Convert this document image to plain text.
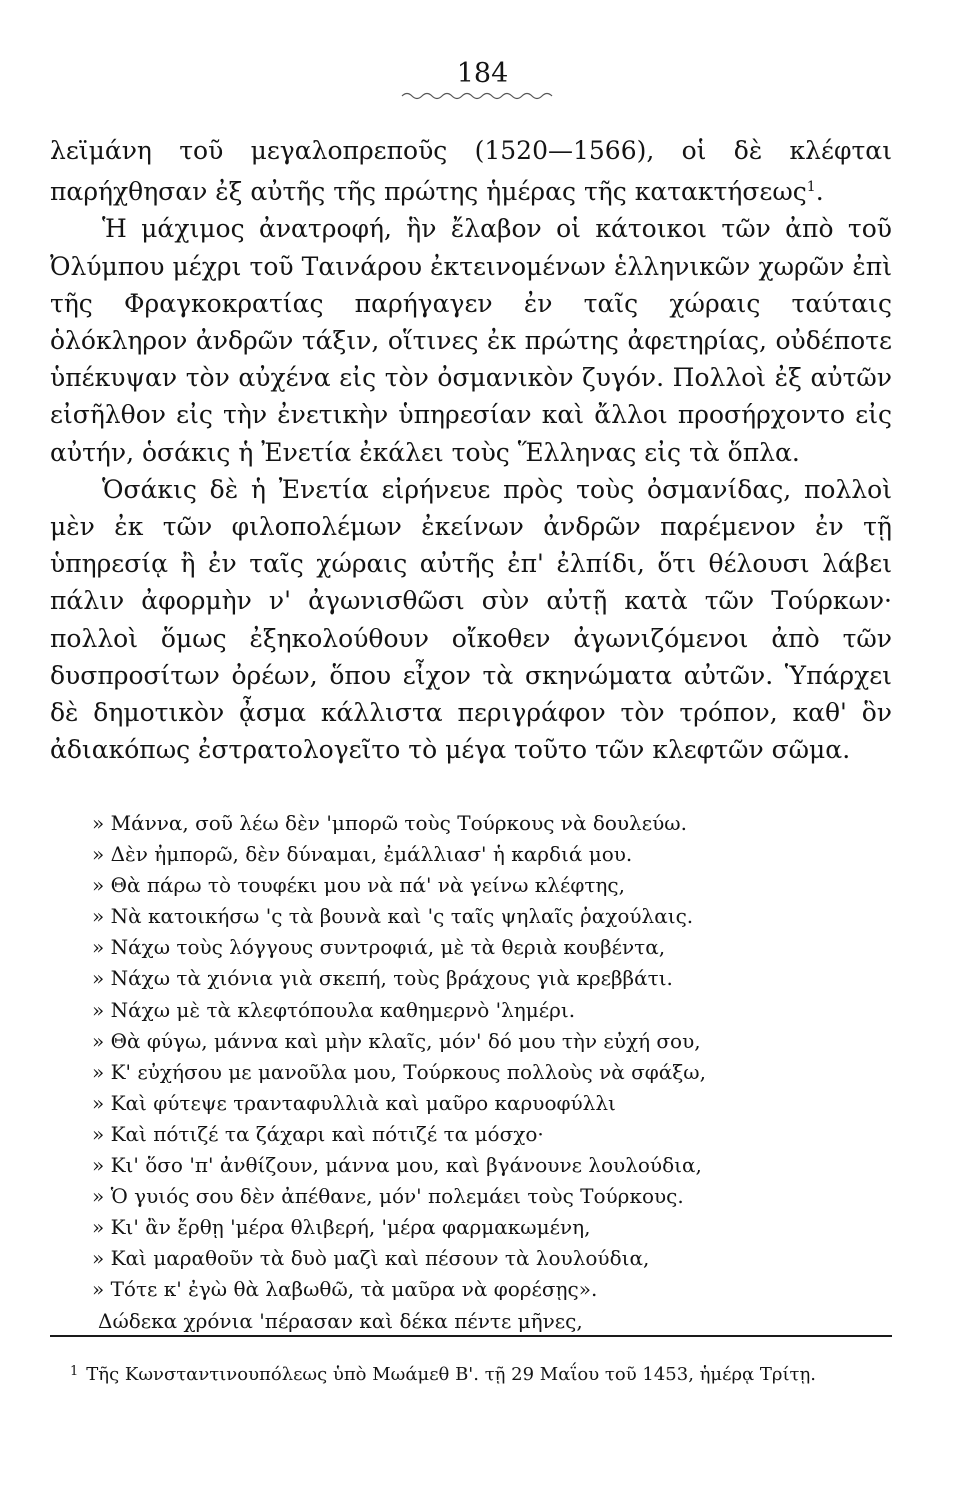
184

λεϊμάνη τοῦ μεγαλοπρεποῦς (1520—1566), οἱ δὲ κλέφται παρήχθησαν ἐξ αὐτῆς τῆς πρώτης ἡμέρας τῆς κατακτήσεως$^1$.

Ἡ μάχιμος ἀνατροφή, ἣν ἔλαβον οἱ κάτοικοι τῶν ἀπὸ τοῦ Ὀλύμπου μέχρι τοῦ Ταινάρου ἐκτεινομένων ἑλληνικῶν χωρῶν ἐπὶ τῆς Φραγκοκρατίας παρήγαγεν ἐν ταῖς χώραις ταύταις ὁλόκληρον ἀνδρῶν τάξιν, οἵτινες ἐκ πρώτης ἀφετηρίας, οὐδέποτε ὑπέκυψαν τὸν αὐχένα εἰς τὸν ὀσμανικὸν ζυγόν. Πολλοὶ ἐξ αὐτῶν εἰσῆλθον εἰς τὴν ἐνετικὴν ὑπηρεσίαν καὶ ἄλλοι προσήρχοντο εἰς αὐτήν, ὁσάκις ἡ Ἐνετία ἐκάλει τοὺς Ἕλληνας εἰς τὰ ὅπλα.

Ὁσάκις δὲ ἡ Ἐνετία εἰρήνευε πρὸς τοὺς ὀσμανίδας, πολλοὶ μὲν ἐκ τῶν φιλοπολέμων ἐκείνων ἀνδρῶν παρέμενον ἐν τῇ ὑπηρεσίᾳ ἢ ἐν ταῖς χώραις αὐτῆς ἐπ' ἐλπίδι, ὅτι θέλουσι λάβει πάλιν ἀφορμὴν ν' ἀγωνισθῶσι σὺν αὐτῇ κατὰ τῶν Τούρκων· πολλοὶ ὅμως ἐξηκολούθουν οἴκοθεν ἀγωνιζόμενοι ἀπὸ τῶν δυσπροσίτων ὀρέων, ὅπου εἶχον τὰ σκηνώματα αὐτῶν. Ὑπάρχει δὲ δημοτικὸν ᾆσμα κάλλιστα περιγράφον τὸν τρόπον, καθ' ὃν ἀδιακόπως ἐστρατολογεῖτο τὸ μέγα τοῦτο τῶν κλεφτῶν σῶμα.

» Μάννα, σοῦ λέω δὲν 'μπορῶ τοὺς Τούρκους νὰ δουλεύω.
» Δὲν ἠμπορῶ, δὲν δύναμαι, ἐμάλλιασ' ἡ καρδιά μου.
» Θὰ πάρω τὸ τουφέκι μου νὰ πά' νὰ γείνω κλέφτης,
» Νὰ κατοικήσω 'ς τὰ βουνὰ καὶ 'ς ταῖς ψηλαῖς ῥαχούλαις.
» Νάχω τοὺς λόγγους συντροφιά, μὲ τὰ θεριὰ κουβέντα,
» Νάχω τὰ χιόνια γιὰ σκεπή, τοὺς βράχους γιὰ κρεββάτι.
» Νάχω μὲ τὰ κλεφτόπουλα καθημερνὸ 'λημέρι.
» Θὰ φύγω, μάννα καὶ μὴν κλαῖς, μόν' δό μου τὴν εὐχή σου,
» Κ' εὐχήσου με μανοῦλα μου, Τούρκους πολλοὺς νὰ σφάξω,
» Καὶ φύτεψε τρανταφυλλιὰ καὶ μαῦρο καρυοφύλλι
» Καὶ πότιζέ τα ζάχαρι καὶ πότιζέ τα μόσχο·
» Κι' ὅσο 'π' ἀνθίζουν, μάννα μου, καὶ βγάνουνε λουλούδια,
» Ὁ γυιός σου δὲν ἀπέθανε, μόν' πολεμάει τοὺς Τούρκους.
» Κι' ἂν ἔρθῃ 'μέρα θλιβερή, 'μέρα φαρμακωμένη,
» Καὶ μαραθοῦν τὰ δυὸ μαζὶ καὶ πέσουν τὰ λουλούδια,
» Τότε κ' ἐγὼ θὰ λαβωθῶ, τὰ μαῦρα νὰ φορέσῃς».
Δώδεκα χρόνια 'πέρασαν καὶ δέκα πέντε μῆνες,

$^1$ Τῆς Κωνσταντινουπόλεως ὑπὸ Μωάμεθ Β'. τῇ 29 Μαΐου τοῦ 1453, ἡμέρᾳ Τρίτῃ.
